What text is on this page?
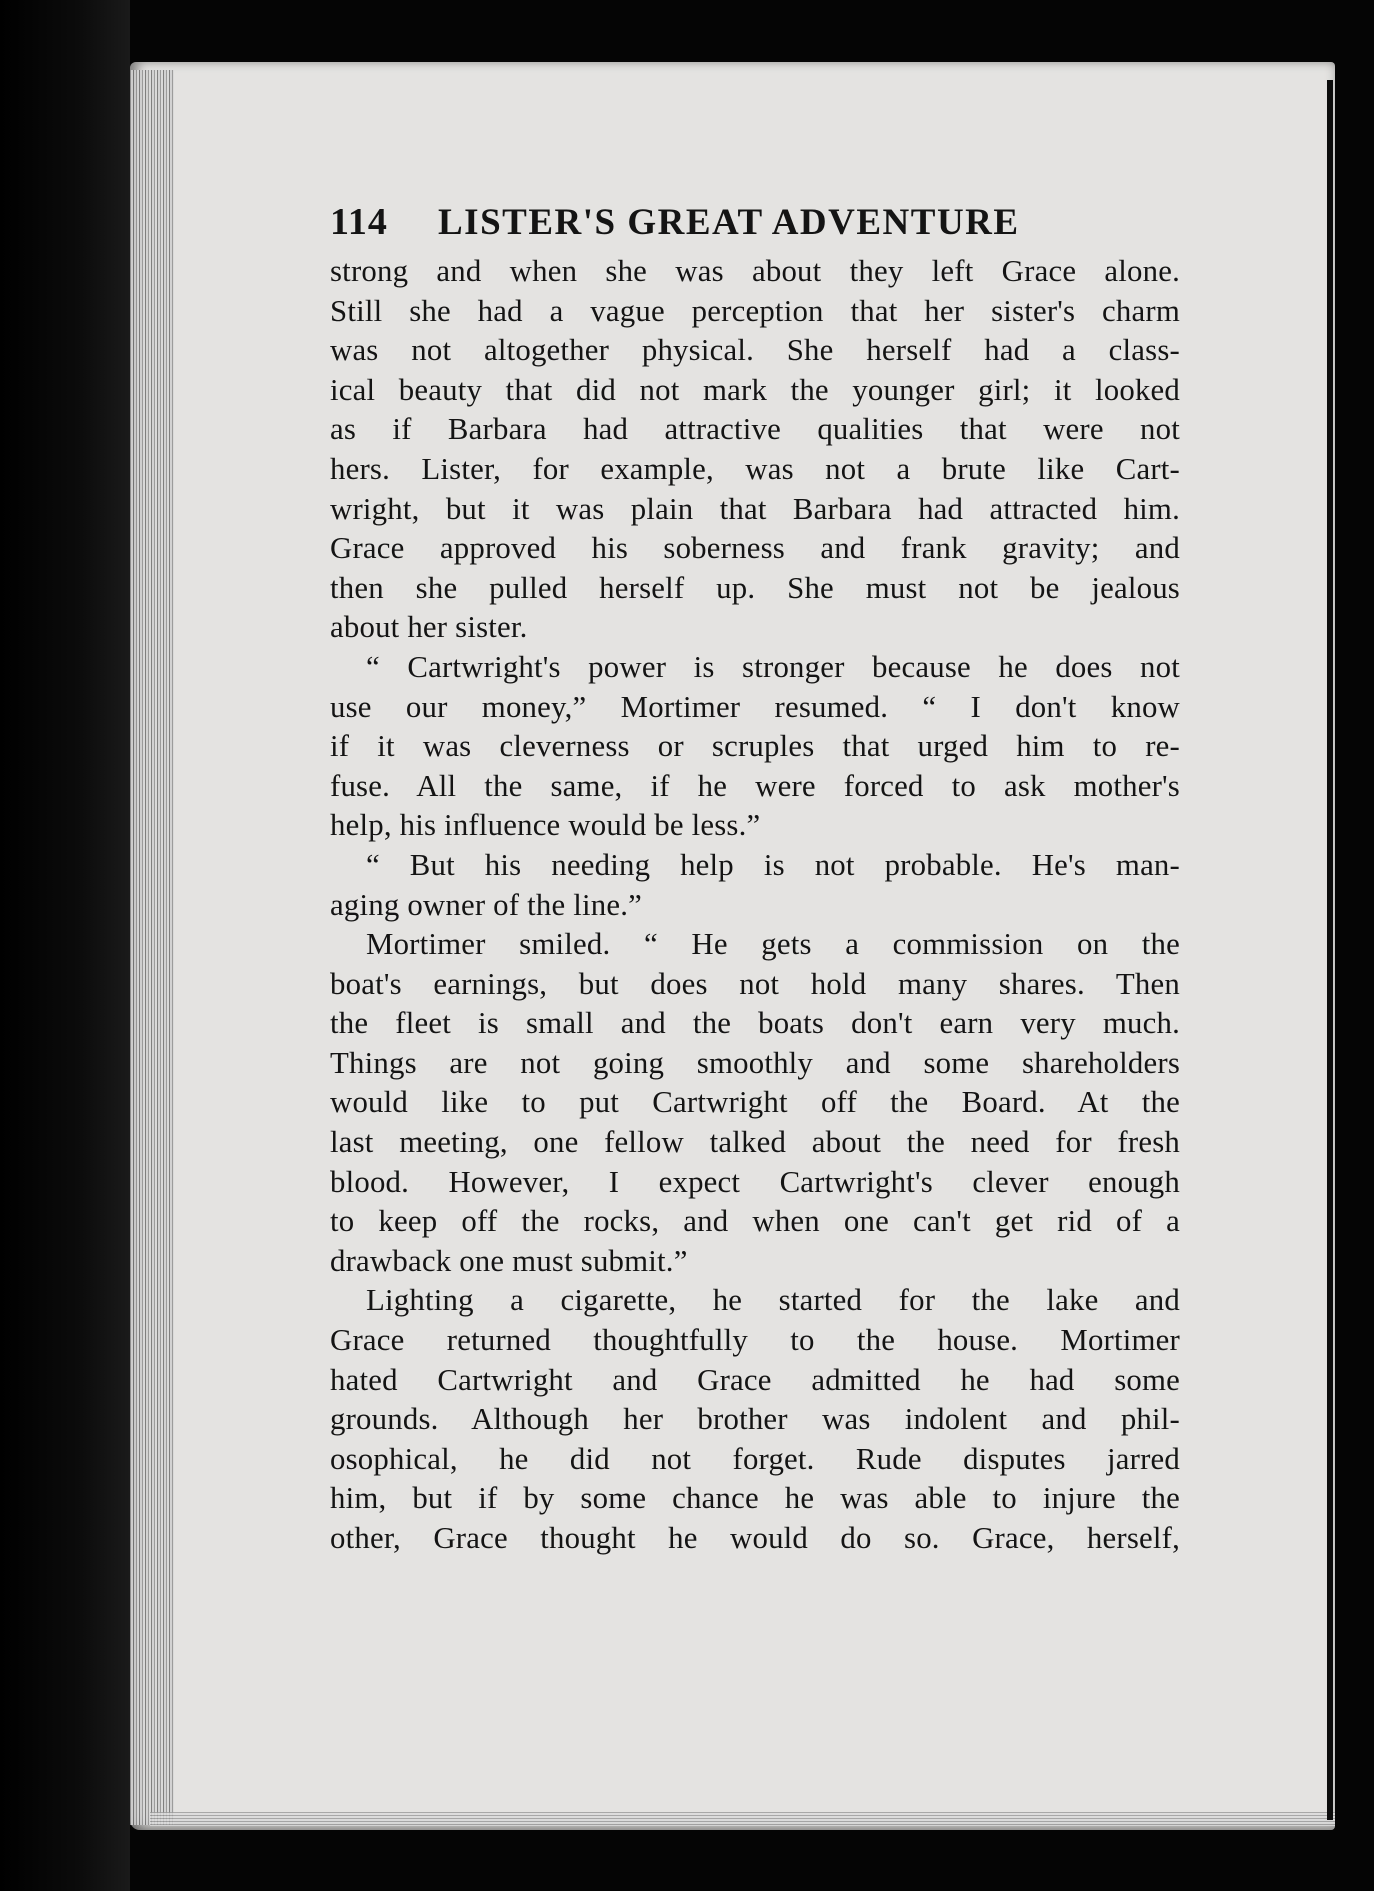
114	LISTER'S GREAT ADVENTURE
strong and when she was about they left Grace alone.
Still she had a vague perception that her sister's charm
was not altogether physical. She herself had a class-
ical beauty that did not mark the younger girl; it looked
as if Barbara had attractive qualities that were not
hers. Lister, for example, was not a brute like Cart-
wright, but it was plain that Barbara had attracted him.
Grace approved his soberness and frank gravity; and
then she pulled herself up. She must not be jealous
about her sister.
“ Cartwright's power is stronger because he does not
use our money,” Mortimer resumed. “ I don't know
if it was cleverness or scruples that urged him to re-
fuse. All the same, if he were forced to ask mother's
help, his influence would be less.”
“ But his needing help is not probable. He's man-
aging owner of the line.”
Mortimer smiled. “ He gets a commission on the
boat's earnings, but does not hold many shares. Then
the fleet is small and the boats don't earn very much.
Things are not going smoothly and some shareholders
would like to put Cartwright off the Board. At the
last meeting, one fellow talked about the need for fresh
blood. However, I expect Cartwright's clever enough
to keep off the rocks, and when one can't get rid of a
drawback one must submit.”
Lighting a cigarette, he started for the lake and
Grace returned thoughtfully to the house. Mortimer
hated Cartwright and Grace admitted he had some
grounds. Although her brother was indolent and phil-
osophical, he did not forget. Rude disputes jarred
him, but if by some chance he was able to injure the
other, Grace thought he would do so. Grace, herself,
